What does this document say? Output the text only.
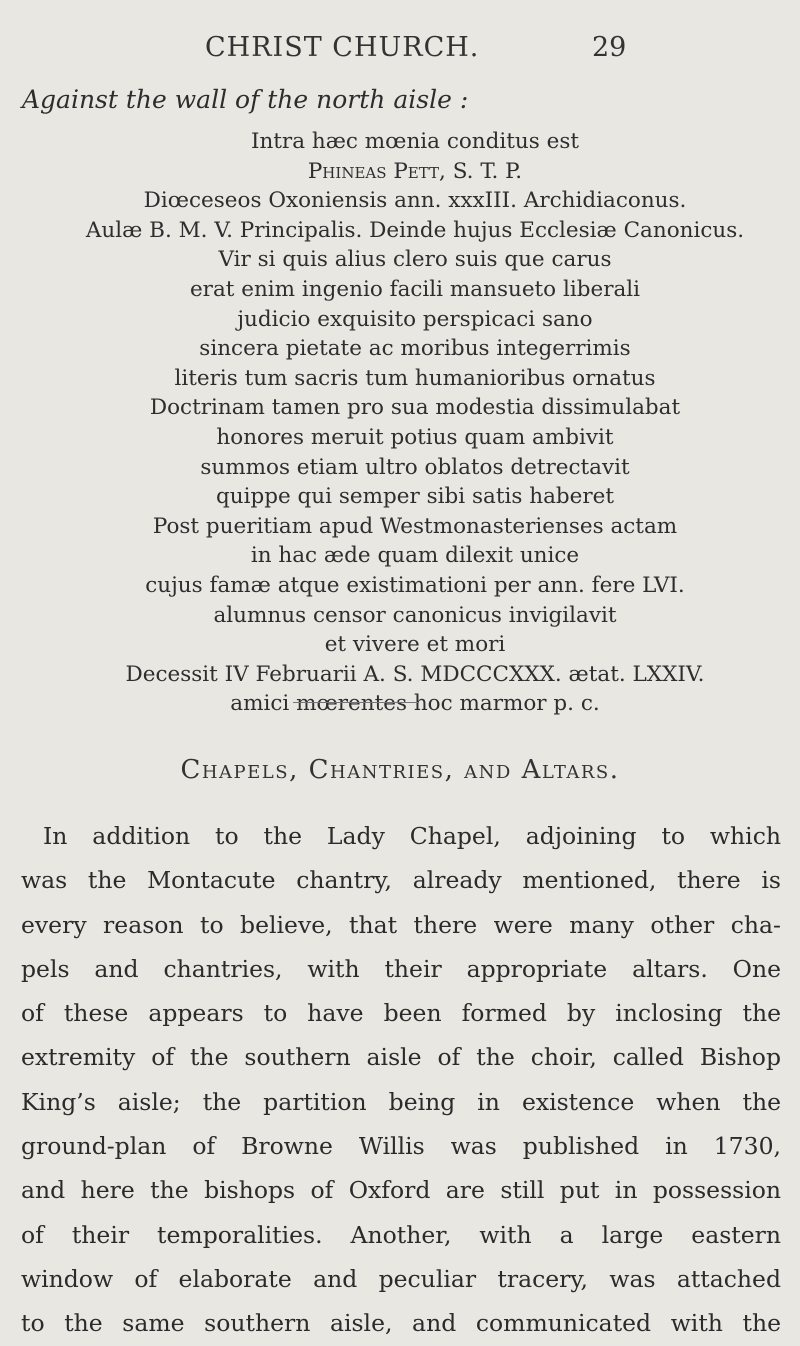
CHRIST CHURCH.	29
Against the wall of the north aisle :
Intra hæc mœnia conditus est
Phineas Pett, S. T. P.
Diœceseos Oxoniensis ann. xxxIII. Archidiaconus.
Aulæ B. M. V. Principalis. Deinde hujus Ecclesiæ Canonicus.
Vir si quis alius clero suis que carus
erat enim ingenio facili mansueto liberali
judicio exquisito perspicaci sano
sincera pietate ac moribus integerrimis
literis tum sacris tum humanioribus ornatus
Doctrinam tamen pro sua modestia dissimulabat
honores meruit potius quam ambivit
summos etiam ultro oblatos detrectavit
quippe qui semper sibi satis haberet
Post pueritiam apud Westmonasterienses actam
in hac æde quam dilexit unice
cujus famæ atque existimationi per ann. fere LVI.
alumnus censor canonicus invigilavit
et vivere et mori
Decessit IV Februarii A. S. MDCCCXXX. ætat. LXXIV.
amici mœrentes hoc marmor p. c.
Chapels, Chantries, and Altars.
In addition to the Lady Chapel, adjoining to which
was the Montacute chantry, already mentioned, there is
every reason to believe, that there were many other cha-
pels and chantries, with their appropriate altars. One
of these appears to have been formed by inclosing the
extremity of the southern aisle of the choir, called Bishop
King’s aisle; the partition being in existence when the
ground-plan of Browne Willis was published in 1730,
and here the bishops of Oxford are still put in possession
of their temporalities. Another, with a large eastern
window of elaborate and peculiar tracery, was attached
to the same southern aisle, and communicated with the
